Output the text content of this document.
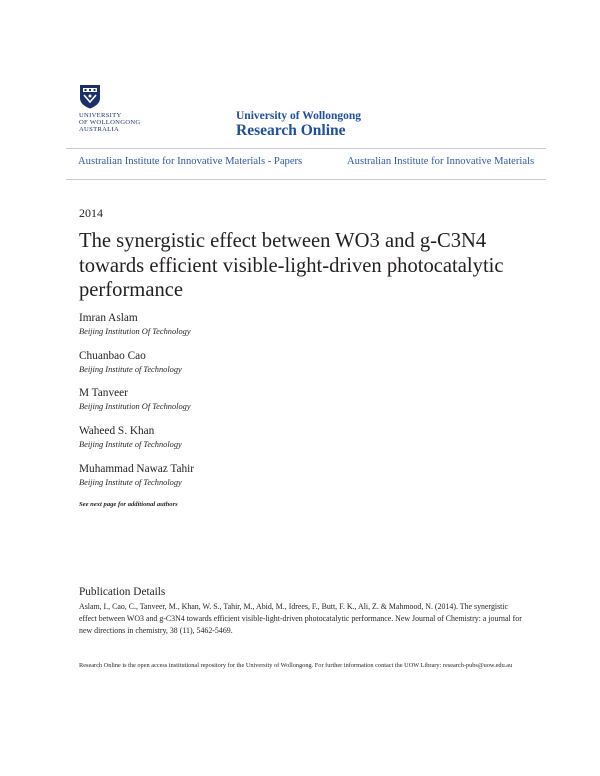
UNIVERSITY
OF WOLLONGONG
AUSTRALIA
University of Wollongong
Research Online
Australian Institute for Innovative Materials - Papers	Australian Institute for Innovative Materials
2014
The synergistic effect between WO3 and g-C3N4 towards efficient visible-light-driven photocatalytic performance
Imran Aslam
Beijing Institution Of Technology
Chuanbao Cao
Beijing Institute of Technology
M Tanveer
Beijing Institution Of Technology
Waheed S. Khan
Beijing Institute of Technology
Muhammad Nawaz Tahir
Beijing Institute of Technology
See next page for additional authors
Publication Details

Aslam, I., Cao, C., Tanveer, M., Khan, W. S., Tahir, M., Abid, M., Idrees, F., Butt, F. K., Ali, Z. & Mahmood, N. (2014). The synergistic effect between WO3 and g-C3N4 towards efficient visible-light-driven photocatalytic performance. New Journal of Chemistry: a journal for new directions in chemistry, 38 (11), 5462-5469.

Research Online is the open access institutional repository for the University of Wollongong. For further information contact the UOW Library: research-pubs@uow.edu.au
